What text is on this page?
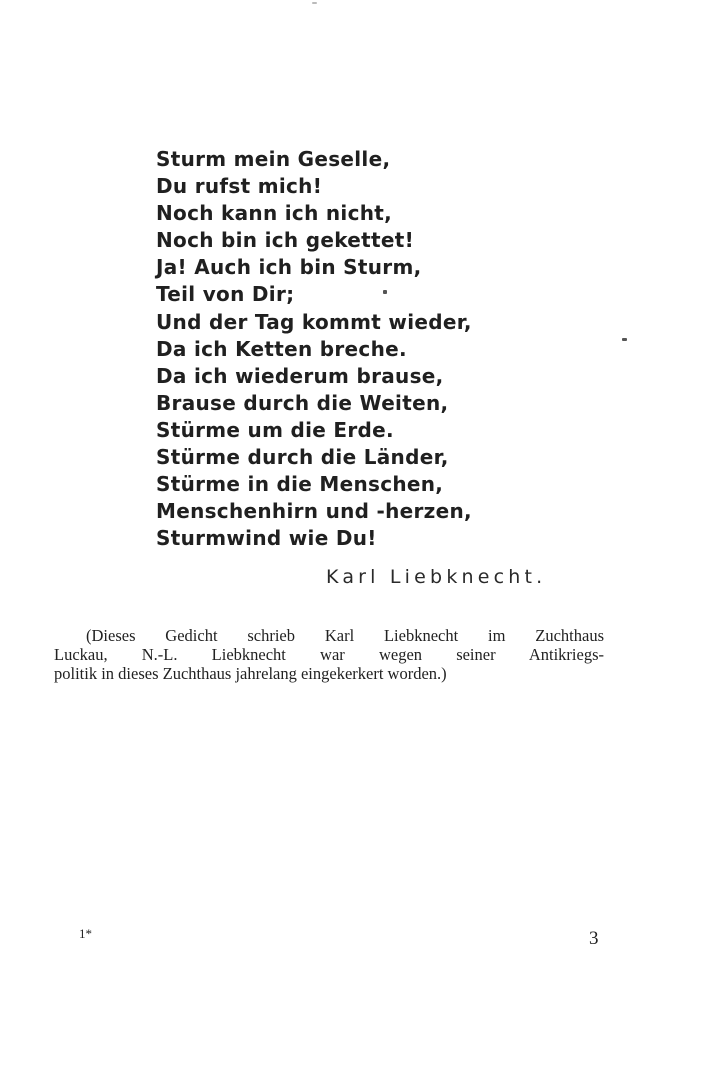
Sturm mein Geselle,
Du rufst mich!
Noch kann ich nicht,
Noch bin ich gekettet!
Ja! Auch ich bin Sturm,
Teil von Dir;
Und der Tag kommt wieder,
Da ich Ketten breche.
Da ich wiederum brause,
Brause durch die Weiten,
Stürme um die Erde.
Stürme durch die Länder,
Stürme in die Menschen,
Menschenhirn und -herzen,
Sturmwind wie Du!
Karl Liebknecht.
(Dieses Gedicht schrieb Karl Liebknecht im Zuchthaus
Luckau, N.-L. Liebknecht war wegen seiner Antikriegs-
politik in dieses Zuchthaus jahrelang eingekerkert worden.)
1*	3
